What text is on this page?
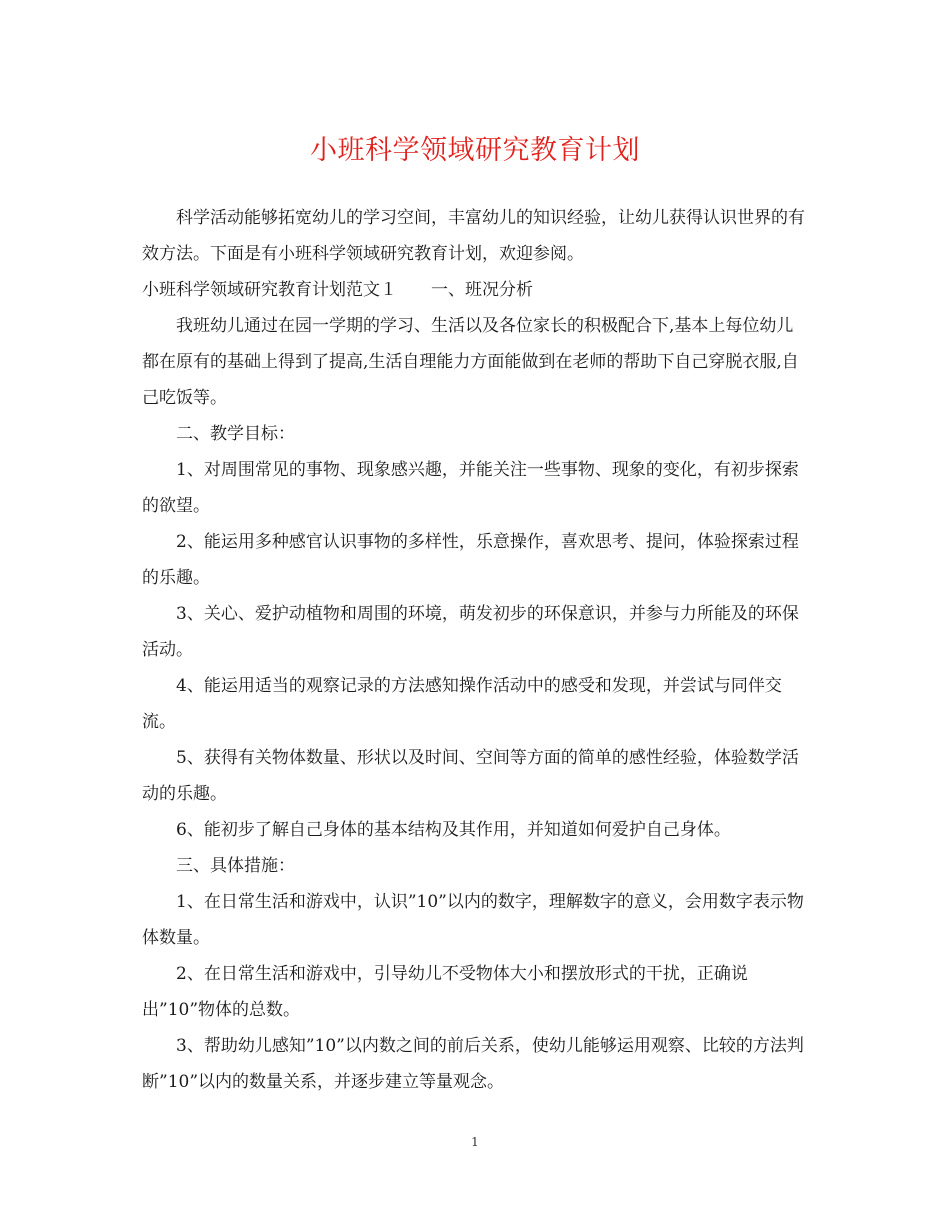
小班科学领域研究教育计划

科学活动能够拓宽幼儿的学习空间，丰富幼儿的知识经验，让幼儿获得认识世界的有效方法。下面是有小班科学领域研究教育计划，欢迎参阅。

小班科学领域研究教育计划范文１ 一、班况分析

我班幼儿通过在园一学期的学习、生活以及各位家长的积极配合下,基本上每位幼儿都在原有的基础上得到了提高,生活自理能力方面能做到在老师的帮助下自己穿脱衣服,自己吃饭等。

二、教学目标：

1、对周围常见的事物、现象感兴趣，并能关注一些事物、现象的变化，有初步探索的欲望。

2、能运用多种感官认识事物的多样性，乐意操作，喜欢思考、提问，体验探索过程的乐趣。

3、关心、爱护动植物和周围的环境，萌发初步的环保意识，并参与力所能及的环保活动。

4、能运用适当的观察记录的方法感知操作活动中的感受和发现，并尝试与同伴交流。

5、获得有关物体数量、形状以及时间、空间等方面的简单的感性经验，体验数学活动的乐趣。

6、能初步了解自己身体的基本结构及其作用，并知道如何爱护自己身体。

三、具体措施：

1、在日常生活和游戏中，认识”10”以内的数字，理解数字的意义，会用数字表示物体数量。

2、在日常生活和游戏中，引导幼儿不受物体大小和摆放形式的干扰，正确说出”10”物体的总数。

3、帮助幼儿感知”10”以内数之间的前后关系，使幼儿能够运用观察、比较的方法判断”10”以内的数量关系，并逐步建立等量观念。

1
